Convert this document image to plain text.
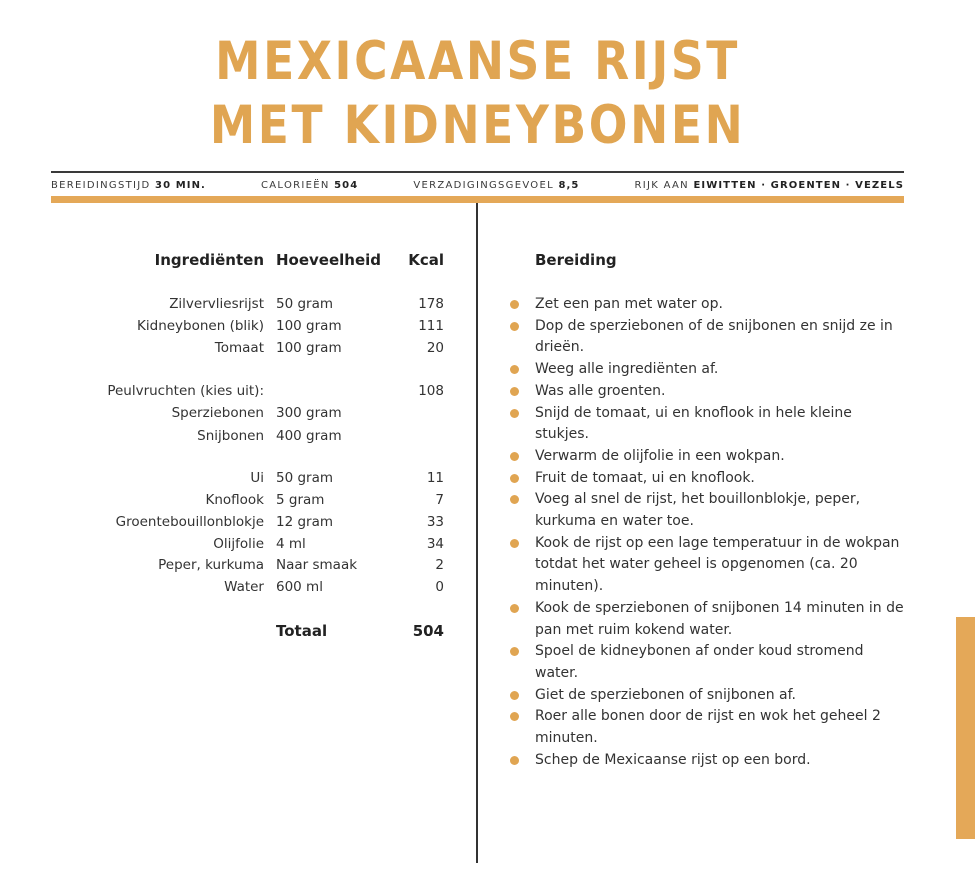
MEXICAANSE RIJST
MET KIDNEYBONEN
BEREIDINGSTIJD 30 MIN.	CALORIEËN 504	VERZADIGINGSGEVOEL 8,5	RIJK AAN EIWITTEN · GROENTEN · VEZELS
Ingrediënten Hoeveelheid	Kcal
Zilvervliesrijst 50 gram	178
Kidneybonen (blik) 100 gram	111
Tomaat 100 gram	20
Peulvruchten (kies uit):	108
Sperziebonen 300 gram
Snijbonen 400 gram
Ui 50 gram	11
Knoflook 5 gram	7
Groentebouillonblokje 12 gram	33
Olijfolie 4 ml	34
Peper, kurkuma Naar smaak	2
Water 600 ml	0
Totaal	504
Bereiding
Zet een pan met water op.
Dop de sperziebonen of de snijbonen en snijd ze in drieën.
Weeg alle ingrediënten af.
Was alle groenten.
Snijd de tomaat, ui en knoflook in hele kleine stukjes.
Verwarm de olijfolie in een wokpan.
Fruit de tomaat, ui en knoflook.
Voeg al snel de rijst, het bouillonblokje, peper, kurkuma en water toe.
Kook de rijst op een lage temperatuur in de wokpan totdat het water geheel is opgenomen (ca. 20 minuten).
Kook de sperziebonen of snijbonen 14 minuten in de pan met ruim kokend water.
Spoel de kidneybonen af onder koud stromend water.
Giet de sperziebonen of snijbonen af.
Roer alle bonen door de rijst en wok het geheel 2 minuten.
Schep de Mexicaanse rijst op een bord.
